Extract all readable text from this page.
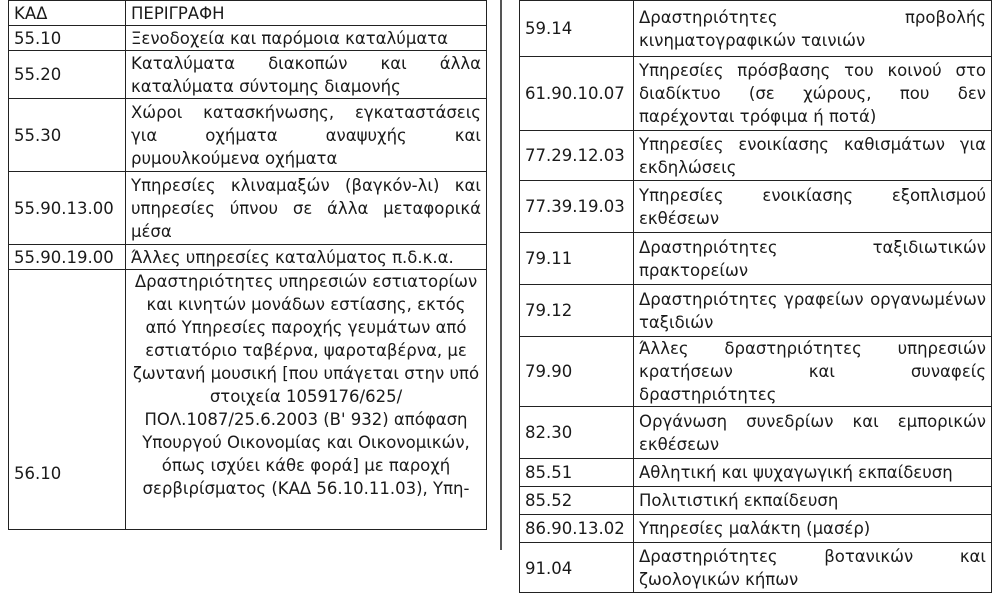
ΚΑΔ	ΠΕΡΙΓΡΑΦΗ
55.10	Ξενοδοχεία και παρόμοια καταλύματα
55.20	Καταλύματα διακοπών και άλλα καταλύματα σύντομης διαμονής
55.30	Χώροι κατασκήνωσης, εγκαταστάσεις για οχήματα αναψυχής και ρυμουλκούμενα οχήματα
55.90.13.00	Υπηρεσίες κλιναμαξών (βαγκόν-λι) και υπηρεσίες ύπνου σε άλλα μεταφορικά μέσα
55.90.19.00	Άλλες υπηρεσίες καταλύματος π.δ.κ.α.
56.10	Δραστηριότητες υπηρεσιών εστιατορίων και κινητών μονάδων εστίασης, εκτός από Υπηρεσίες παροχής γευμάτων από εστιατόριο ταβέρνα, ψαροταβέρνα, με ζωντανή μουσική [που υπάγεται στην υπό στοιχεία 1059176/625/ ΠΟΛ.1087/25.6.2003 (Β' 932) απόφαση Υπουργού Οικονομίας και Οικονομικών, όπως ισχύει κάθε φορά] με παροχή σερβιρίσματος (ΚΑΔ 56.10.11.03), Υπη-
59.14	Δραστηριότητες προβολής κινηματογραφικών ταινιών
61.90.10.07	Υπηρεσίες πρόσβασης του κοινού στο διαδίκτυο (σε χώρους, που δεν παρέχονται τρόφιμα ή ποτά)
77.29.12.03	Υπηρεσίες ενοικίασης καθισμάτων για εκδηλώσεις
77.39.19.03	Υπηρεσίες ενοικίασης εξοπλισμού εκθέσεων
79.11	Δραστηριότητες ταξιδιωτικών πρακτορείων
79.12	Δραστηριότητες γραφείων οργανωμένων ταξιδιών
79.90	Άλλες δραστηριότητες υπηρεσιών κρατήσεων και συναφείς δραστηριότητες
82.30	Οργάνωση συνεδρίων και εμπορικών εκθέσεων
85.51	Αθλητική και ψυχαγωγική εκπαίδευση
85.52	Πολιτιστική εκπαίδευση
86.90.13.02	Υπηρεσίες μαλάκτη (μασέρ)
91.04	Δραστηριότητες βοτανικών και ζωολογικών κήπων
